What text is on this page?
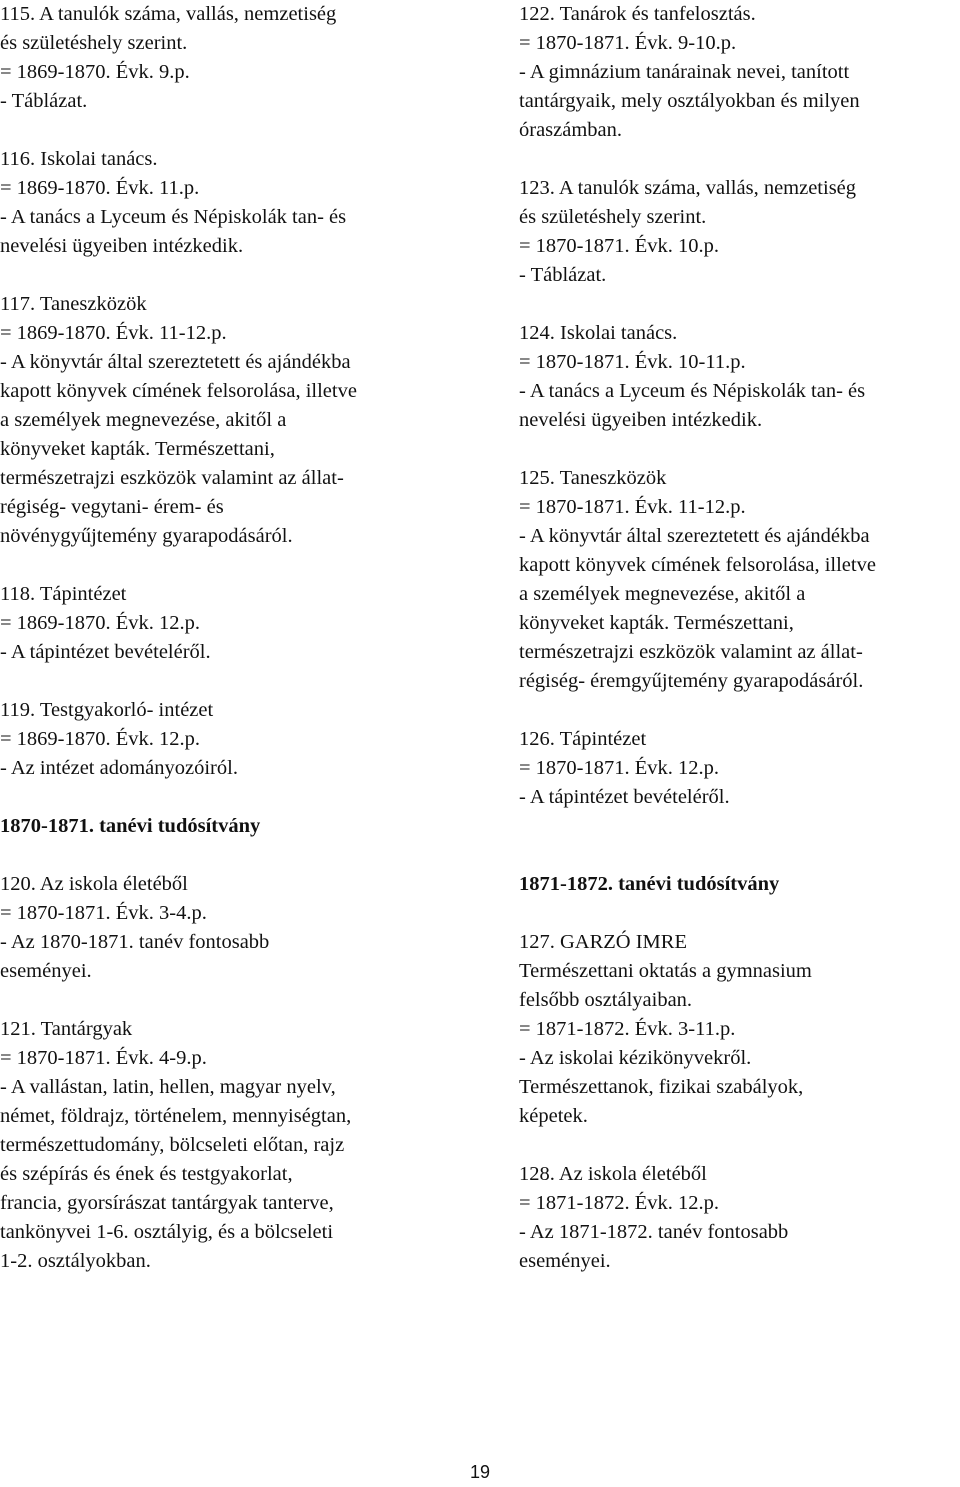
115. A tanulók száma, vallás, nemzetiség
és születéshely szerint.
= 1869-1870. Évk. 9.p.
- Táblázat.
116. Iskolai tanács.
= 1869-1870. Évk. 11.p.
- A tanács a Lyceum és Népiskolák tan- és
nevelési ügyeiben intézkedik.
117. Taneszközök
= 1869-1870. Évk. 11-12.p.
- A könyvtár által szereztetett és ajándékba
kapott könyvek címének felsorolása, illetve
a személyek megnevezése, akitől a
könyveket kapták. Természettani,
természetrajzi eszközök valamint az állat-
régiség- vegytani- érem- és
növénygyűjtemény gyarapodásáról.
118. Tápintézet
= 1869-1870. Évk. 12.p.
- A tápintézet bevételéről.
119. Testgyakorló- intézet
= 1869-1870. Évk. 12.p.
- Az intézet adományozóiról.
1870-1871. tanévi tudósítvány
120. Az iskola életéből
= 1870-1871. Évk. 3-4.p.
- Az 1870-1871. tanév fontosabb
eseményei.
121. Tantárgyak
= 1870-1871. Évk. 4-9.p.
- A vallástan, latin, hellen, magyar nyelv,
német, földrajz, történelem, mennyiségtan,
természettudomány, bölcseleti előtan, rajz
és szépírás és ének és testgyakorlat,
francia, gyorsírászat tantárgyak tanterve,
tankönyvei 1-6. osztályig, és a bölcseleti
1-2. osztályokban.
122. Tanárok és tanfelosztás.
= 1870-1871. Évk. 9-10.p.
- A gimnázium tanárainak nevei, tanított
tantárgyaik, mely osztályokban és milyen
óraszámban.
123. A tanulók száma, vallás, nemzetiség
és születéshely szerint.
= 1870-1871. Évk. 10.p.
- Táblázat.
124. Iskolai tanács.
= 1870-1871. Évk. 10-11.p.
- A tanács a Lyceum és Népiskolák tan- és
nevelési ügyeiben intézkedik.
125. Taneszközök
= 1870-1871. Évk. 11-12.p.
- A könyvtár által szereztetett és ajándékba
kapott könyvek címének felsorolása, illetve
a személyek megnevezése, akitől a
könyveket kapták. Természettani,
természetrajzi eszközök valamint az állat-
régiség- éremgyűjtemény gyarapodásáról.
126. Tápintézet
= 1870-1871. Évk. 12.p.
- A tápintézet bevételéről.
1871-1872. tanévi tudósítvány
127. GARZÓ IMRE
Természettani oktatás a gymnasium
felsőbb osztályaiban.
= 1871-1872. Évk. 3-11.p.
- Az iskolai kézikönyvekről.
Természettanok, fizikai szabályok,
képetek.
128. Az iskola életéből
= 1871-1872. Évk. 12.p.
- Az 1871-1872. tanév fontosabb
eseményei.
19
